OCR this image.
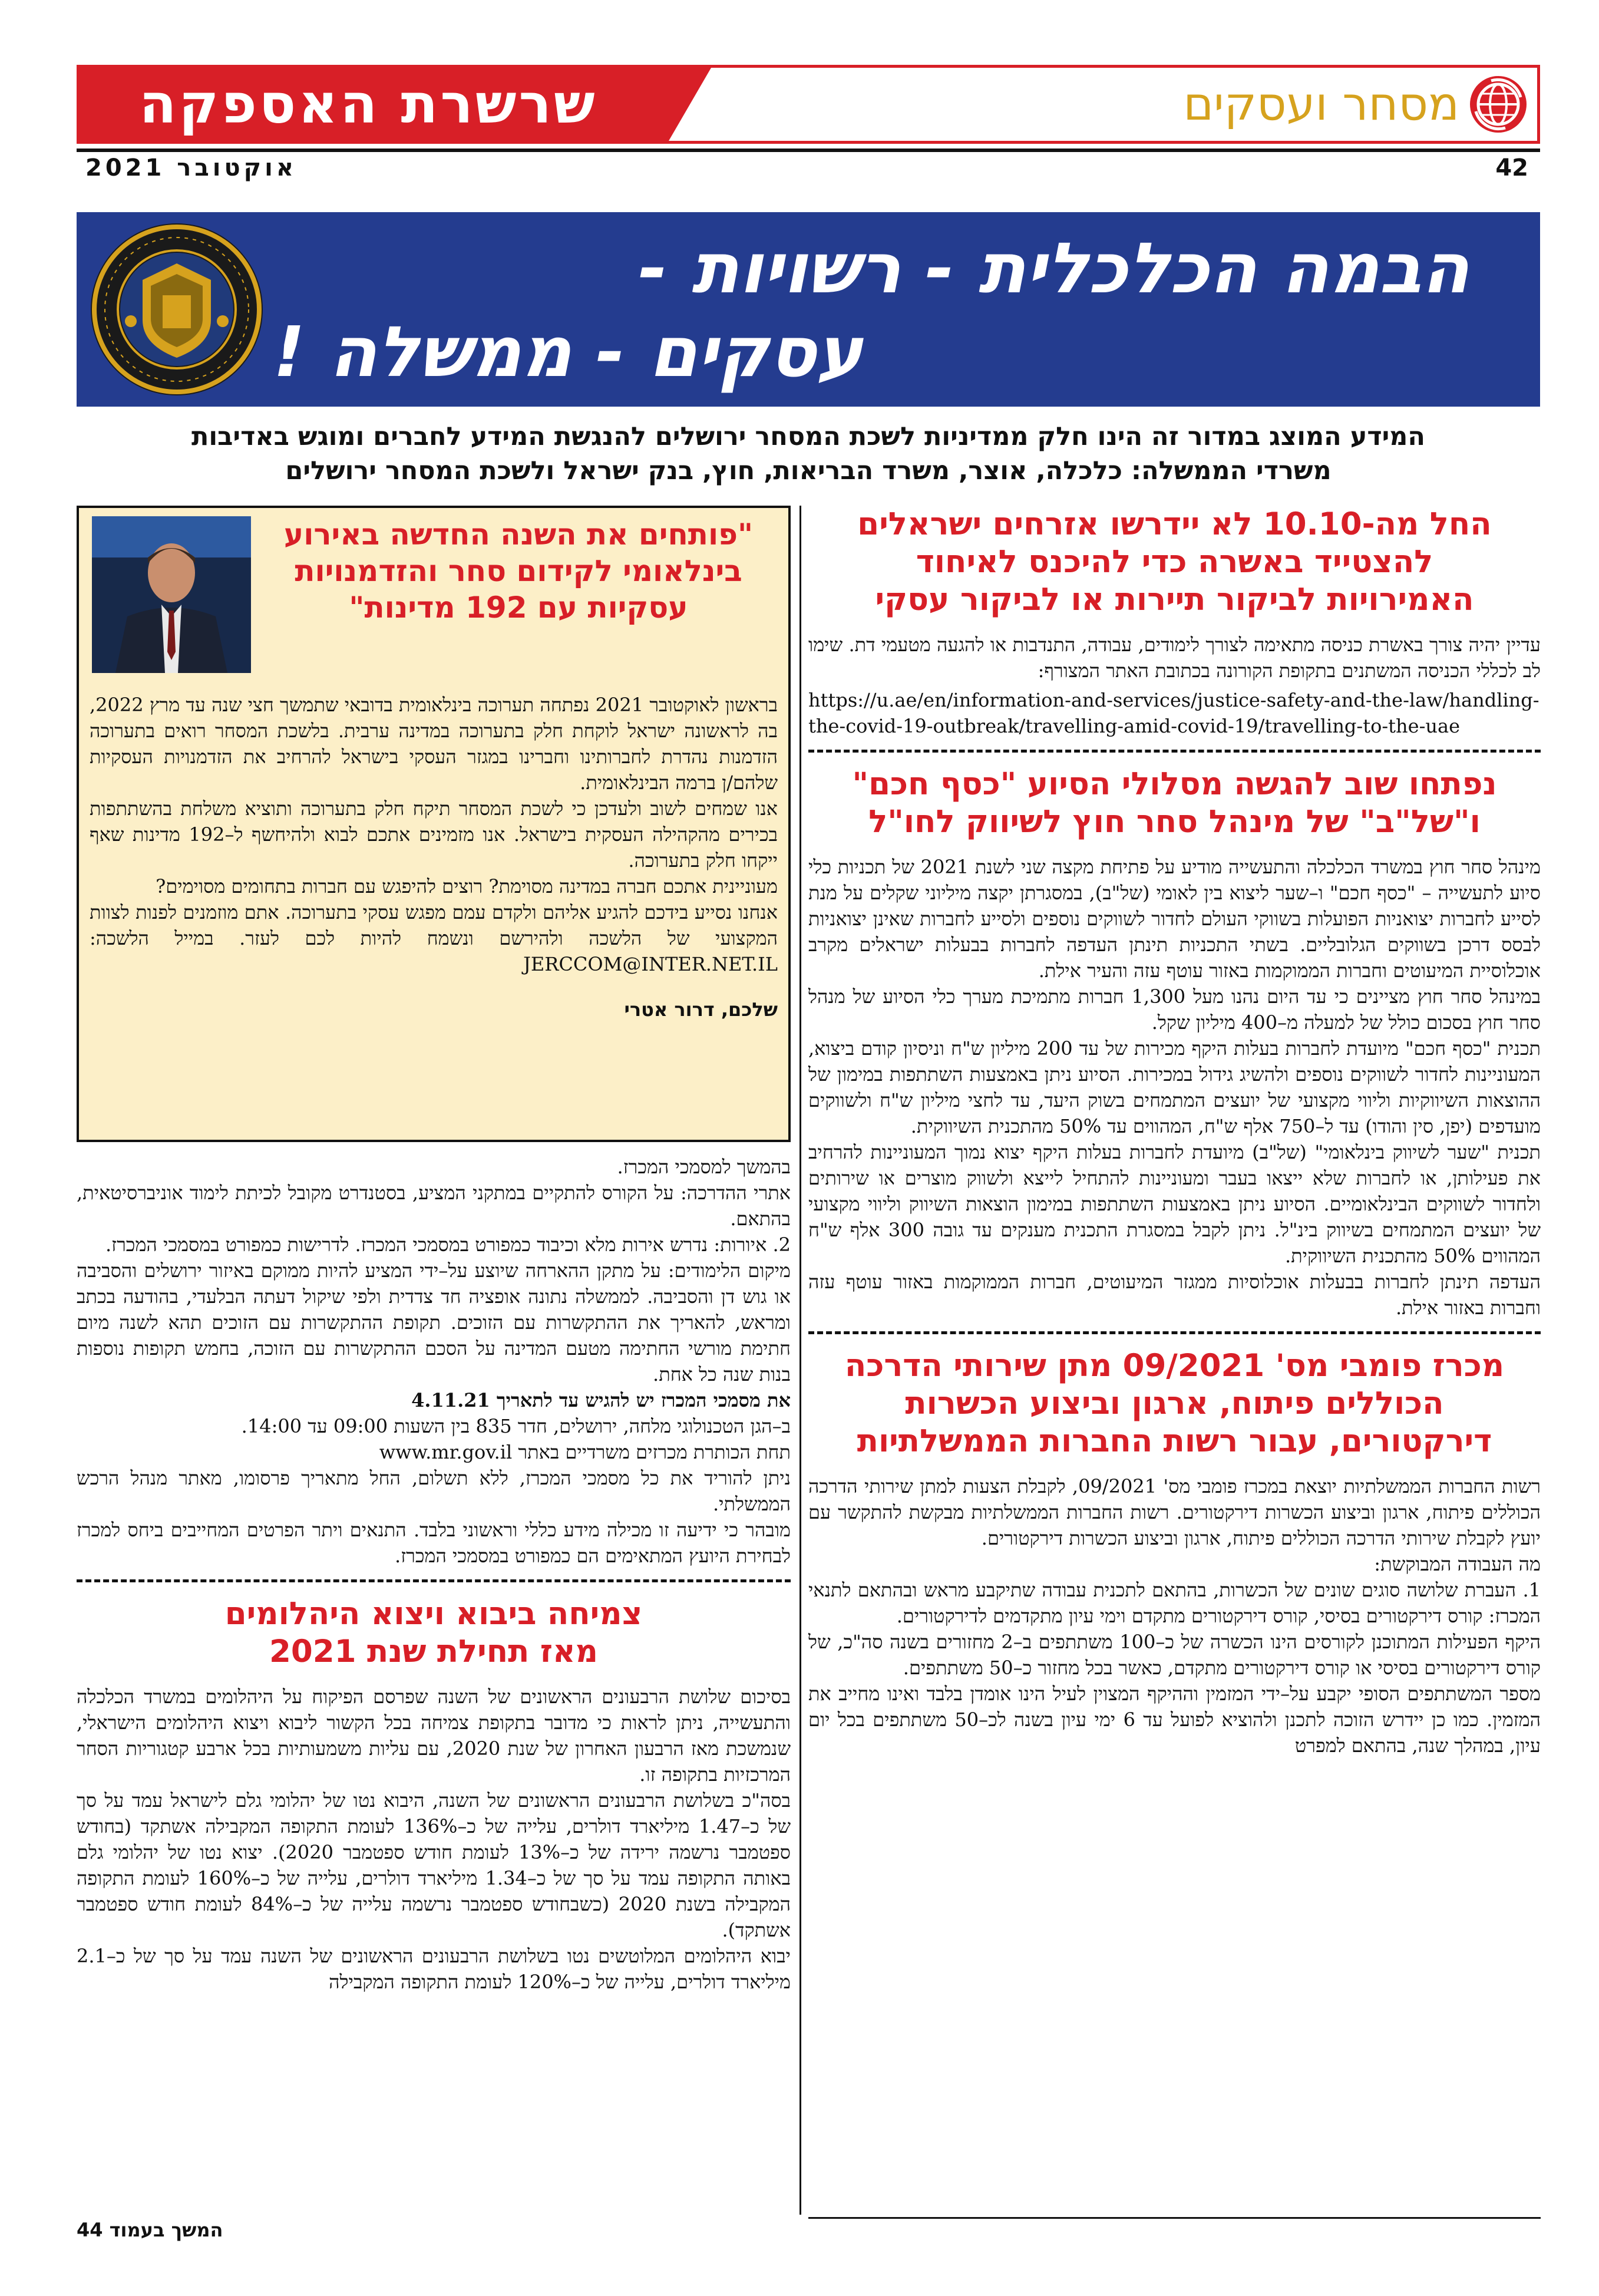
שרשרת האספקה	מסחר ועסקים
אוקטובר 2021	42
הבמה הכלכלית - רשויות -
עסקים - ממשלה !
המידע המוצג במדור זה הינו חלק ממדיניות לשכת המסחר ירושלים להנגשת המידע לחברים ומוגש באדיבות
משרדי הממשלה: כלכלה, אוצר, משרד הבריאות, חוץ, בנק ישראל ולשכת המסחר ירושלים
החל מה-10.10 לא יידרשו אזרחים ישראלים להצטייד באשרה כדי להיכנס לאיחוד האמירויות לביקור תיירות או לביקור עסקי
עדיין יהיה צורך באשרת כניסה מתאימה לצורך לימודים, עבודה, התנדבות או להגעה מטעמי דת. שימו לב לכללי הכניסה המשתנים בתקופת הקורונה בכתובת האתר המצורף:
https://u.ae/en/information-and-services/justice-safety-and-the-law/handling-the-covid-19-outbreak/travelling-amid-covid-19/travelling-to-the-uae
נפתחו שוב להגשה מסלולי הסיוע "כסף חכם" ו"של"ב" של מינהל סחר חוץ לשיווק לחו"ל

מינהל סחר חוץ במשרד הכלכלה והתעשייה מודיע על פתיחת מקצה שני לשנת 2021 של תכניות כלי סיוע לתעשייה – "כסף חכם" ו–שער ליצוא בין לאומי (של"ב), במסגרתן יקצה מיליוני שקלים על מנת לסייע לחברות יצואניות הפועלות בשווקי העולם לחדור לשווקים נוספים ולסייע לחברות שאינן יצואניות לבסס דרכן בשווקים הגלובליים. בשתי התכניות תינתן העדפה לחברות בבעלות ישראלים מקרב אוכלוסיית המיעוטים וחברות הממוקמות באזור עוטף עזה והעיר אילת.

במינהל סחר חוץ מציינים כי עד היום נהנו מעל 1,300 חברות מתמיכת מערך כלי הסיוע של מנהל סחר חוץ בסכום כולל של למעלה מ–400 מיליון שקל.

תכנית "כסף חכם" מיועדת לחברות בעלות היקף מכירות של עד 200 מיליון ש"ח וניסיון קודם ביצוא, המעוניינות לחדור לשווקים נוספים ולהשיג גידול במכירות. הסיוע ניתן באמצעות השתתפות במימון של ההוצאות השיווקיות וליווי מקצועי של יועצים המתמחים בשוק היעד, עד לחצי מיליון ש"ח ולשווקים מועדפים (יפן, סין והודו) עד ל–750 אלף ש"ח, המהווים עד 50% מהתכנית השיווקית.

תכנית "שער לשיווק בינלאומי" (של"ב) מיועדת לחברות בעלות היקף יצוא נמוך המעוניינות להרחיב את פעילותן, או לחברות שלא ייצאו בעבר ומעוניינות להתחיל לייצא ולשווק מוצרים או שירותים ולחדור לשווקים הבינלאומיים. הסיוע ניתן באמצעות השתתפות במימון הוצאות השיווק וליווי מקצועי של יועצים המתמחים בשיווק בינ"ל. ניתן לקבל במסגרת התכנית מענקים עד גובה 300 אלף ש"ח המהווים 50% מהתכנית השיווקית.

העדפה תינתן לחברות בבעלות אוכלוסיות ממגזר המיעוטים, חברות הממוקמות באזור עוטף עזה וחברות באזור אילת.

מכרז פומבי מס' 09/2021 מתן שירותי הדרכה הכוללים פיתוח, ארגון וביצוע הכשרות דירקטורים, עבור רשות החברות הממשלתיות

רשות החברות הממשלתיות יוצאת במכרז פומבי מס' 09/2021, לקבלת הצעות למתן שירותי הדרכה הכוללים פיתוח, ארגון וביצוע הכשרות דירקטורים. רשות החברות הממשלתיות מבקשת להתקשר עם יועץ לקבלת שירותי הדרכה הכוללים פיתוח, ארגון וביצוע הכשרות דירקטורים.

מה העבודה המבוקשת:

1. העברת שלושה סוגים שונים של הכשרות, בהתאם לתכנית עבודה שתיקבע מראש ובהתאם לתנאי המכרז: קורס דירקטורים בסיסי, קורס דירקטורים מתקדם וימי עיון מתקדמים לדירקטורים.

היקף הפעילות המתוכנן לקורסים הינו הכשרה של כ–100 משתתפים ב–2 מחזורים בשנה סה"כ, של קורס דירקטורים בסיסי או קורס דירקטורים מתקדם, כאשר בכל מחזור כ–50 משתתפים.

מספר המשתתפים הסופי יקבע על–ידי המזמין וההיקף המצוין לעיל הינו אומדן בלבד ואינו מחייב את המזמין. כמו כן יידרש הזוכה לתכנן ולהוציא לפועל עד 6 ימי עיון בשנה לכ–50 משתתפים בכל יום עיון, במהלך שנה, בהתאם למפרט

"פותחים את השנה החדשה באירוע בינלאומי לקידום סחר והזדמנויות עסקיות עם 192 מדינות"

בראשון לאוקטובר 2021 נפתחה תערוכה בינלאומית בדובאי שתמשך חצי שנה עד מרץ 2022, בה לראשונה ישראל לוקחת חלק בתערוכה במדינה ערבית. בלשכת המסחר רואים בתערוכה הזדמנות נהדרת לחברותינו וחברינו במגזר העסקי בישראל להרחיב את הזדמנויות העסקיות שלהם/ן ברמה הבינלאומית.

אנו שמחים לשוב ולעדכן כי לשכת המסחר תיקח חלק בתערוכה ותוציא משלחת בהשתתפות בכירים מהקהילה העסקית בישראל. אנו מזמינים אתכם לבוא ולהיחשף ל–192 מדינות שאף ייקחו חלק בתערוכה.

מעוניינית אתכם חברה במדינה מסוימת? רוצים להיפגש עם חברות בתחומים מסוימים?

אנחנו נסייע בידכם להגיע אליהם ולקדם עמם מפגש עסקי בתערוכה. אתם מוזמנים לפנות לצוות המקצועי של הלשכה ולהירשם ונשמח להיות לכם לעזר. במייל הלשכה: JERCCOM@INTER.NET.IL

שלכם, דרור אטרי

בהמשך למסמכי המכרז.

אתרי ההדרכה: על הקורס להתקיים במתקני המציע, בסטנדרט מקובל לכיתת לימוד אוניברסיטאית, בהתאם.

2. איורות: נדרש אירות מלא וכיבוד כמפורט במסמכי המכרז. לדרישות כמפורט במסמכי המכרז.

מיקום הלימודים: על מתקן ההארחה שיוצע על–ידי המציע להיות ממוקם באיזור ירושלים והסביבה או גוש דן והסביבה. לממשלה נתונה אופציה חד צדדית ולפי שיקול דעתה הבלעדי, בהודעה בכתב ומראש, להאריך את ההתקשרות עם הזוכים. תקופת ההתקשרות עם הזוכים תהא לשנה מיום חתימת מורשי החתימה מטעם המדינה על הסכם ההתקשרות עם הזוכה, בחמש תקופות נוספות בנות שנה כל אחת.

את מסמכי המכרז יש להגיש עד לתאריך 4.11.21

ב–הגן הטכנולוגי מלחה, ירושלים, חדר 835 בין השעות 09:00 עד 14:00.

תחת הכותרת מכרזים משרדיים באתר www.mr.gov.il

ניתן להוריד את כל מסמכי המכרז, ללא תשלום, החל מתאריך פרסומו, מאתר מנהל הרכש הממשלתי.

מובהר כי ידיעה זו מכילה מידע כללי וראשוני בלבד. התנאים ויתר הפרטים המחייבים ביחס למכרז לבחירת היועץ המתאימים הם כמפורט במסמכי המכרז.

צמיחה ביבוא ויצוא היהלומים מאז תחילת שנת 2021

בסיכום שלושת הרבעונים הראשונים של השנה שפרסם הפיקוח על היהלומים במשרד הכלכלה והתעשייה, ניתן לראות כי מדובר בתקופת צמיחה בכל הקשור ליבוא ויצוא היהלומים הישראלי, שנמשכת מאז הרבעון האחרון של שנת 2020, עם עליות משמעותיות בכל ארבע קטגוריות הסחר המרכזיות בתקופה זו.

בסה"כ בשלושת הרבעונים הראשונים של השנה, היבוא נטו של יהלומי גלם לישראל עמד על סך של כ–1.47 מיליארד דולרים, עלייה של כ–136% לעומת התקופה המקבילה אשתקד (בחודש ספטמבר נרשמה ירידה של כ–13% לעומת חודש ספטמבר 2020). יצוא נטו של יהלומי גלם באותה התקופה עמד על סך של כ–1.34 מיליארד דולרים, עלייה של כ–160% לעומת התקופה המקבילה בשנת 2020 (כשבחודש ספטמבר נרשמה עלייה של כ–84% לעומת חודש ספטמבר אשתקד).

יבוא היהלומים המלוטשים נטו בשלושת הרבעונים הראשונים של השנה עמד על סך של כ–2.1 מיליארד דולרים, עלייה של כ–120% לעומת התקופה המקבילה

המשך בעמוד 44
